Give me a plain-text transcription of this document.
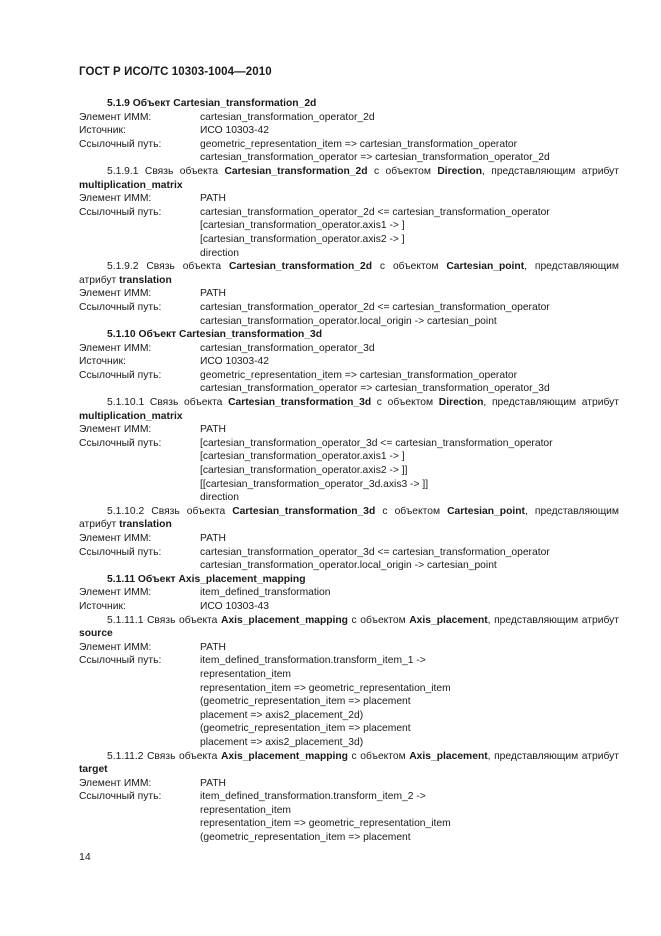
ГОСТ Р ИСО/ТС 10303-1004—2010
5.1.9 Объект Cartesian_transformation_2d
Элемент ИММ:	cartesian_transformation_operator_2d
Источник:	ИСО 10303-42
Ссылочный путь:	geometric_representation_item => cartesian_transformation_operator
cartesian_transformation_operator => cartesian_transformation_operator_2d
5.1.9.1 Связь объекта Cartesian_transformation_2d с объектом Direction, представляющим атрибут multiplication_matrix
Элемент ИММ:	PATH
Ссылочный путь:	cartesian_transformation_operator_2d <= cartesian_transformation_operator
[cartesian_transformation_operator.axis1 -> ]
[cartesian_transformation_operator.axis2 -> ]
direction
5.1.9.2 Связь объекта Cartesian_transformation_2d с объектом Cartesian_point, представляющим атрибут translation
Элемент ИММ:	PATH
Ссылочный путь:	cartesian_transformation_operator_2d <= cartesian_transformation_operator
cartesian_transformation_operator.local_origin -> cartesian_point
5.1.10 Объект Cartesian_transformation_3d
Элемент ИММ:	cartesian_transformation_operator_3d
Источник:	ИСО 10303-42
Ссылочный путь:	geometric_representation_item => cartesian_transformation_operator
cartesian_transformation_operator => cartesian_transformation_operator_3d
5.1.10.1 Связь объекта Cartesian_transformation_3d с объектом Direction, представляющим атрибут multiplication_matrix
Элемент ИММ:	PATH
Ссылочный путь:	[cartesian_transformation_operator_3d <= cartesian_transformation_operator
[cartesian_transformation_operator.axis1 -> ]
[cartesian_transformation_operator.axis2 -> ]]
[[cartesian_transformation_operator_3d.axis3 -> ]]
direction
5.1.10.2 Связь объекта Cartesian_transformation_3d с объектом Cartesian_point, представляющим атрибут translation
Элемент ИММ:	PATH
Ссылочный путь:	cartesian_transformation_operator_3d <= cartesian_transformation_operator
cartesian_transformation_operator.local_origin -> cartesian_point
5.1.11 Объект Axis_placement_mapping
Элемент ИММ:	item_defined_transformation
Источник:	ИСО 10303-43
5.1.11.1 Связь объекта Axis_placement_mapping с объектом Axis_placement, представляющим атрибут source
Элемент ИММ:	PATH
Ссылочный путь:	item_defined_transformation.transform_item_1 ->
representation_item
representation_item => geometric_representation_item
(geometric_representation_item => placement
placement => axis2_placement_2d)
(geometric_representation_item => placement
placement => axis2_placement_3d)
5.1.11.2 Связь объекта Axis_placement_mapping с объектом Axis_placement, представляющим атрибут target
Элемент ИММ:	PATH
Ссылочный путь:	item_defined_transformation.transform_item_2 ->
representation_item
representation_item => geometric_representation_item
(geometric_representation_item => placement
14
